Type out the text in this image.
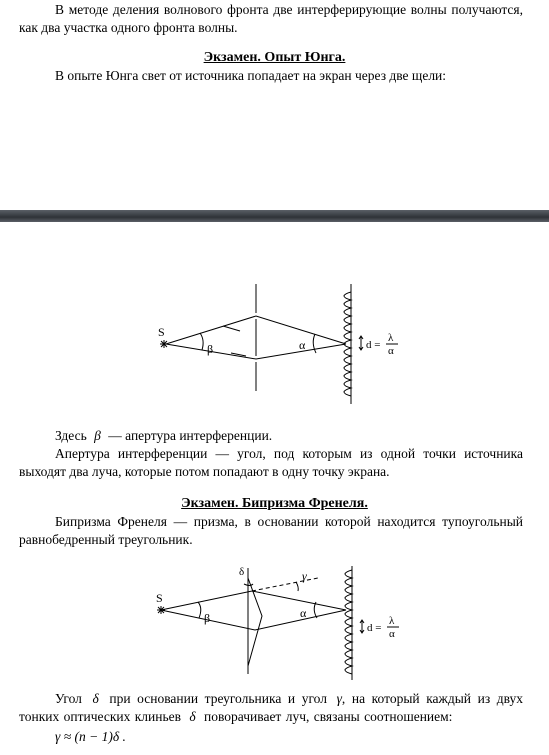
В методе деления волнового фронта две интерферирующие волны получаются, как два участка одного фронта волны.
Экзамен. Опыт Юнга.
В опыте Юнга свет от источника попадает на экран через две щели:
S
β	α	d =
λ
α
Здесь β — апертура интерференции.
Апертура интерференции — угол, под которым из одной точки источника выходят два луча, которые потом попадают в одну точку экрана.
Экзамен. Бипризма Френеля.
Бипризма Френеля — призма, в основании которой находится тупоугольный равнобедренный треугольник.
S
β	α
δ	γ
d =
λ
α
Угол δ при основании треугольника и угол γ, на который каждый из двух тонких оптических клиньев δ поворачивает луч, связаны соотношением:
γ ≈ (n − 1)δ .
